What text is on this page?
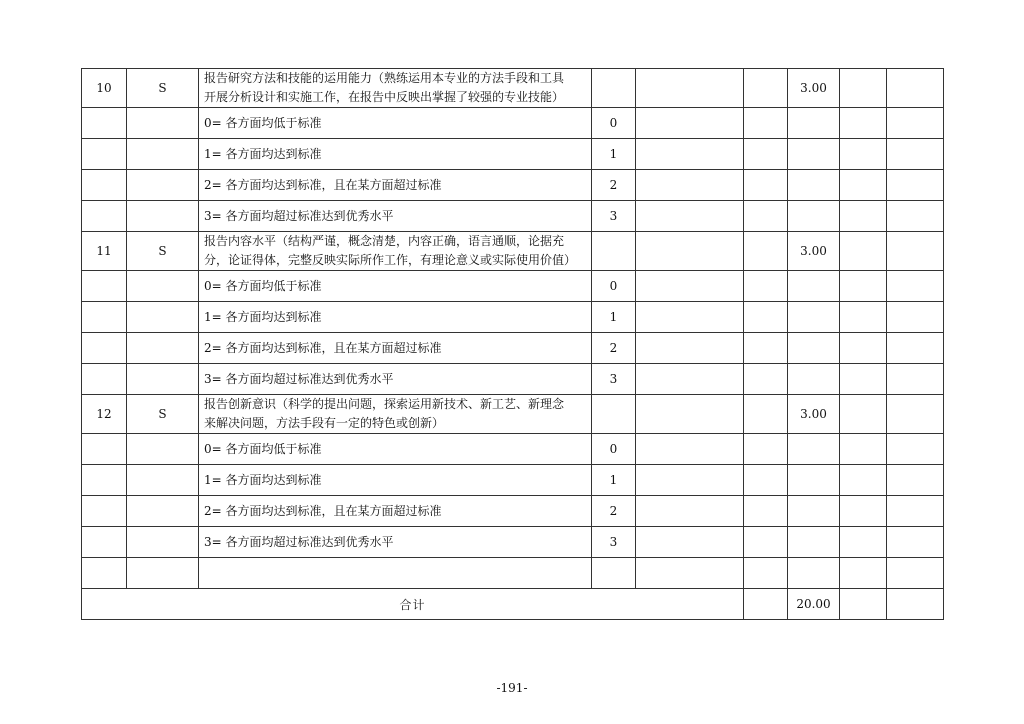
10	S	报告研究方法和技能的运用能力（熟练运用本专业的方法手段和工具
开展分析设计和实施工作，在报告中反映出掌握了较强的专业技能）				3.00		
		0= 各方面均低于标准	0					
		1= 各方面均达到标准	1					
		2= 各方面均达到标准，且在某方面超过标准	2					
		3= 各方面均超过标准达到优秀水平	3					
11	S	报告内容水平（结构严谨，概念清楚，内容正确，语言通顺，论据充
分，论证得体，完整反映实际所作工作，有理论意义或实际使用价值）				3.00		
		0= 各方面均低于标准	0					
		1= 各方面均达到标准	1					
		2= 各方面均达到标准，且在某方面超过标准	2					
		3= 各方面均超过标准达到优秀水平	3					
12	S	报告创新意识（科学的提出问题，探索运用新技术、新工艺、新理念
来解决问题，方法手段有一定的特色或创新）				3.00		
		0= 各方面均低于标准	0					
		1= 各方面均达到标准	1					
		2= 各方面均达到标准，且在某方面超过标准	2					
		3= 各方面均超过标准达到优秀水平	3					

合计						20.00		
-191-
